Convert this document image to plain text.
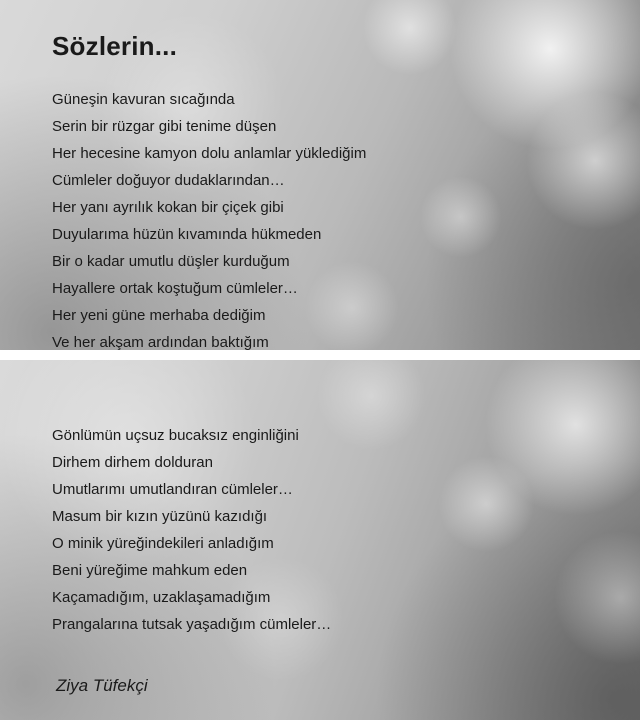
Sözlerin...
Güneşin kavuran sıcağında
Serin bir rüzgar gibi tenime düşen
Her hecesine kamyon dolu anlamlar yüklediğim
Cümleler doğuyor dudaklarından…
Her yanı ayrılık kokan bir çiçek gibi
Duyularıma hüzün kıvamında hükmeden
Bir o kadar umutlu düşler kurduğum
Hayallere ortak koştuğum cümleler…
Her yeni güne merhaba dediğim
Ve her akşam ardından baktığım
Gönlümün uçsuz bucaksız enginliğini
Dirhem dirhem dolduran
Umutlarımı umutlandıran cümleler…
Masum bir kızın yüzünü kazıdığı
O minik yüreğindekileri anladığım
Beni yüreğime mahkum eden
Kaçamadığım, uzaklaşamadığım
Prangalarına tutsak yaşadığım cümleler…
Ziya Tüfekçi
